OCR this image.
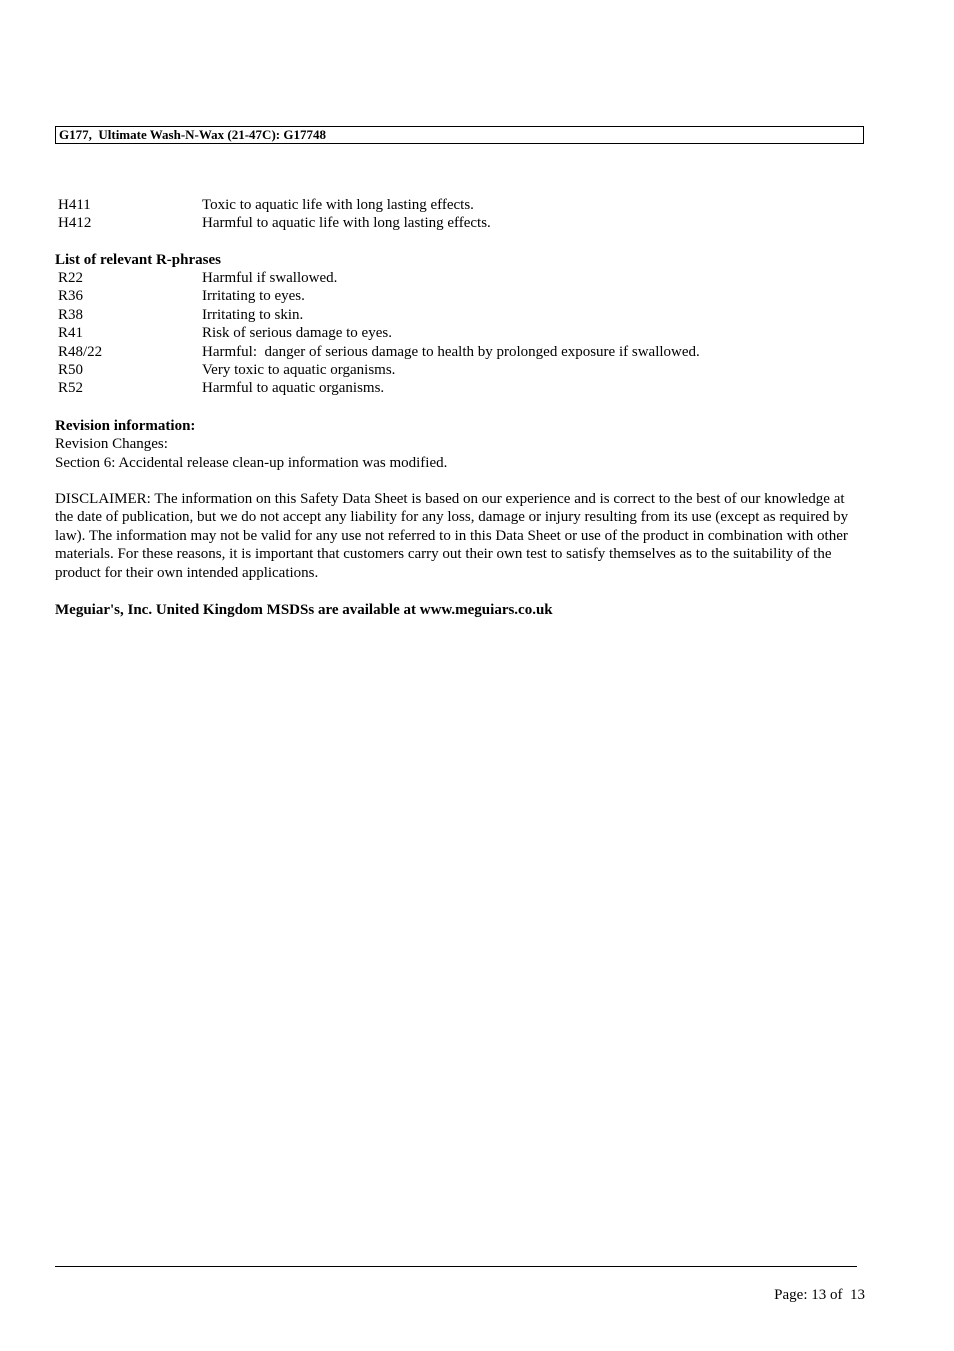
G177,  Ultimate Wash-N-Wax (21-47C): G17748
H411	Toxic to aquatic life with long lasting effects.
H412	Harmful to aquatic life with long lasting effects.
List of relevant R-phrases
R22	Harmful if swallowed.
R36	Irritating to eyes.
R38	Irritating to skin.
R41	Risk of serious damage to eyes.
R48/22	Harmful:  danger of serious damage to health by prolonged exposure if swallowed.
R50	Very toxic to aquatic organisms.
R52	Harmful to aquatic organisms.
Revision information:
Revision Changes:
Section 6: Accidental release clean-up information was modified.
DISCLAIMER: The information on this Safety Data Sheet is based on our experience and is correct to the best of our knowledge at the date of publication, but we do not accept any liability for any loss, damage or injury resulting from its use (except as required by law). The information may not be valid for any use not referred to in this Data Sheet or use of the product in combination with other materials. For these reasons, it is important that customers carry out their own test to satisfy themselves as to the suitability of the product for their own intended applications.
Meguiar's, Inc. United Kingdom MSDSs are available at www.meguiars.co.uk
Page: 13 of  13
